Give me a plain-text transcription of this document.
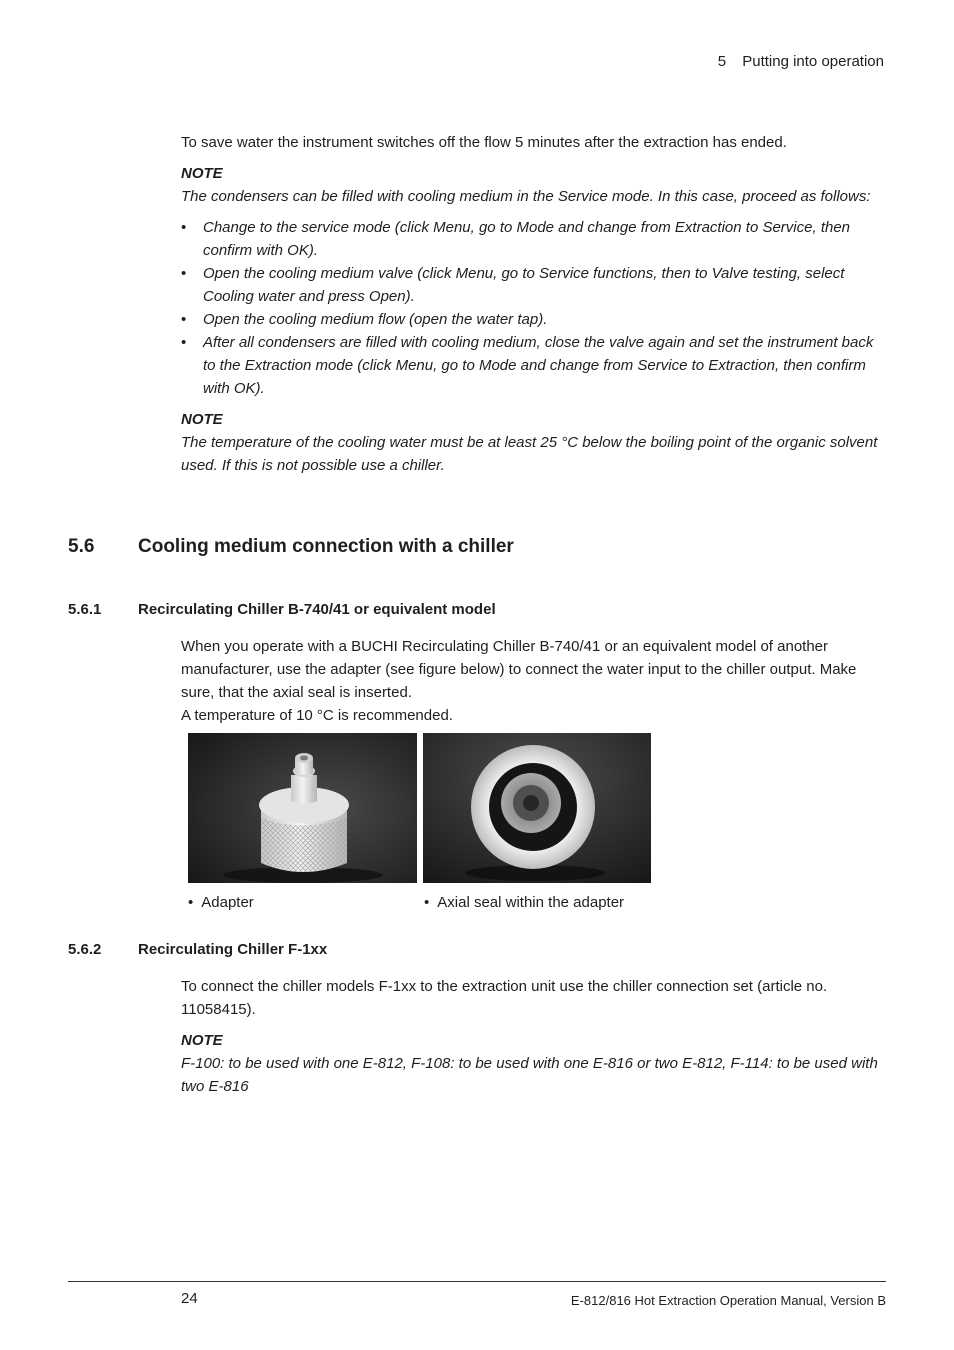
5 Putting into operation

To save water the instrument switches off the flow 5 minutes after the extraction has ended.

NOTE

The condensers can be filled with cooling medium in the Service mode. In this case, proceed as follows:

• Change to the service mode (click Menu, go to Mode and change from Extraction to Service, then confirm with OK).
• Open the cooling medium valve (click Menu, go to Service functions, then to Valve testing, select Cooling water and press Open).
• Open the cooling medium flow (open the water tap).
• After all condensers are filled with cooling medium, close the valve again and set the instrument back to the Extraction mode (click Menu, go to Mode and change from Service to Extraction, then confirm with OK).

NOTE

The temperature of the cooling water must be at least 25 °C below the boiling point of the organic solvent used. If this is not possible use a chiller.

5.6 Cooling medium connection with a chiller
5.6.1 Recirculating Chiller B-740/41 or equivalent model

When you operate with a BUCHI Recirculating Chiller B-740/41 or an equivalent model of another manufacturer, use the adapter (see figure below) to connect the water input to the chiller output. Make sure, that the axial seal is inserted.

A temperature of 10 °C is recommended.

• Adapter	• Axial seal within the adapter
5.6.2 Recirculating Chiller F-1xx

To connect the chiller models F-1xx to the extraction unit use the chiller connection set (article no. 11058415).

NOTE

F-100: to be used with one E-812, F-108: to be used with one E-816 or two E-812, F-114: to be used with two E-816

24	E-812/816 Hot Extraction Operation Manual, Version B
